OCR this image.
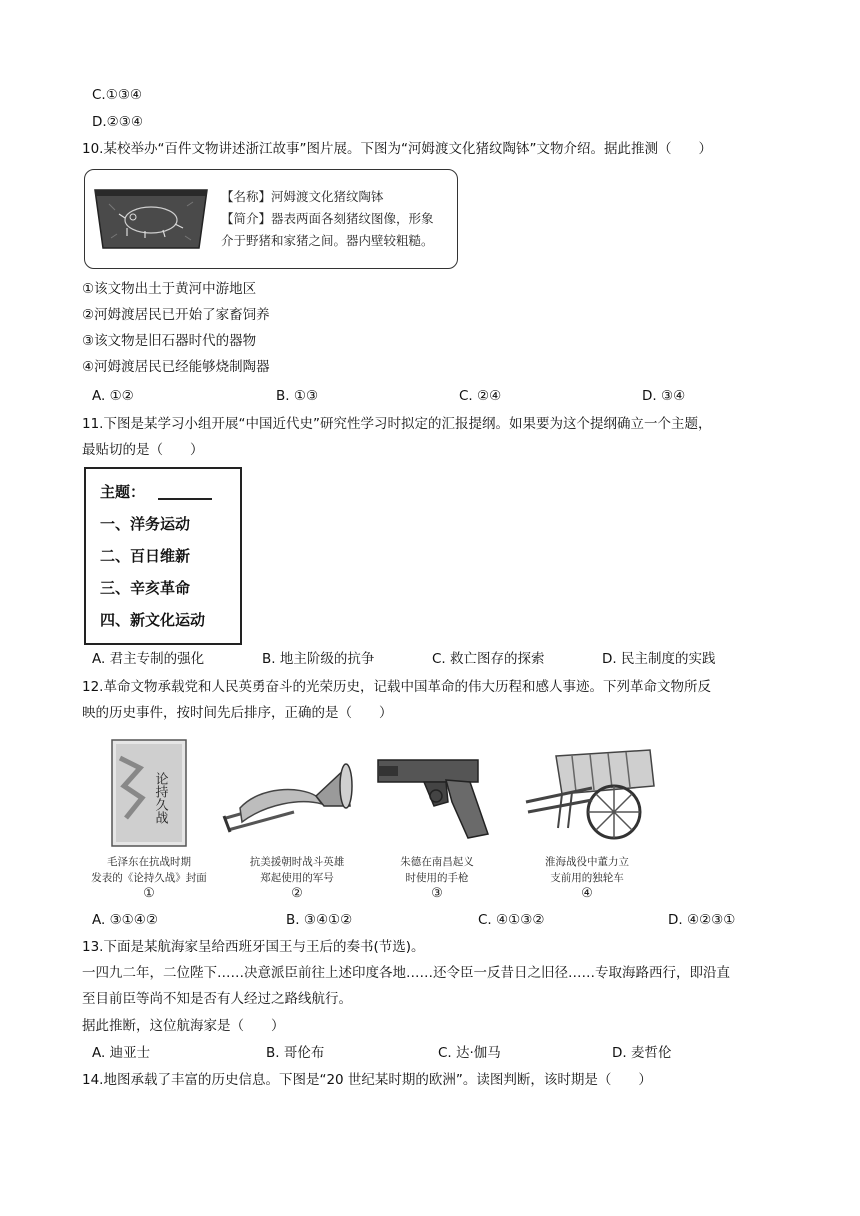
C.①③④
D.②③④
10.某校举办“百件文物讲述浙江故事”图片展。下图为“河姆渡文化猪纹陶钵”文物介绍。据此推测（　　）
【名称】河姆渡文化猪纹陶钵
【简介】器表两面各刻猪纹图像，形象
介于野猪和家猪之间。器内壁较粗糙。
①该文物出土于黄河中游地区
②河姆渡居民已开始了家畜饲养
③该文物是旧石器时代的器物
④河姆渡居民已经能够烧制陶器
A. ①②	B. ①③	C. ②④	D. ③④
11.下图是某学习小组开展“中国近代史”研究性学习时拟定的汇报提纲。如果要为这个提纲确立一个主题，
最贴切的是（　　）
主题：
一、洋务运动
二、百日维新
三、辛亥革命
四、新文化运动
A. 君主专制的强化	B. 地主阶级的抗争	C. 救亡图存的探索	D. 民主制度的实践
12.革命文物承载党和人民英勇奋斗的光荣历史，记载中国革命的伟大历程和感人事迹。下列革命文物所反
映的历史事件，按时间先后排序，正确的是（　　）
论持久战
毛泽东在抗战时期
发表的《论持久战》封面
①
抗美援朝时战斗英雄
郑起使用的军号
②
朱德在南昌起义
时使用的手枪
③
淮海战役中董力立
支前用的独轮车
④
A. ③①④②	B. ③④①②	C. ④①③②	D. ④②③①
13.下面是某航海家呈给西班牙国王与王后的奏书(节选)。
一四九二年，二位陛下……决意派臣前往上述印度各地……还令臣一反昔日之旧径……专取海路西行，即沿直
至目前臣等尚不知是否有人经过之路线航行。
据此推断，这位航海家是（　　）
A. 迪亚士	B. 哥伦布	C. 达·伽马	D. 麦哲伦
14.地图承载了丰富的历史信息。下图是“20 世纪某时期的欧洲”。读图判断，该时期是（　　）
